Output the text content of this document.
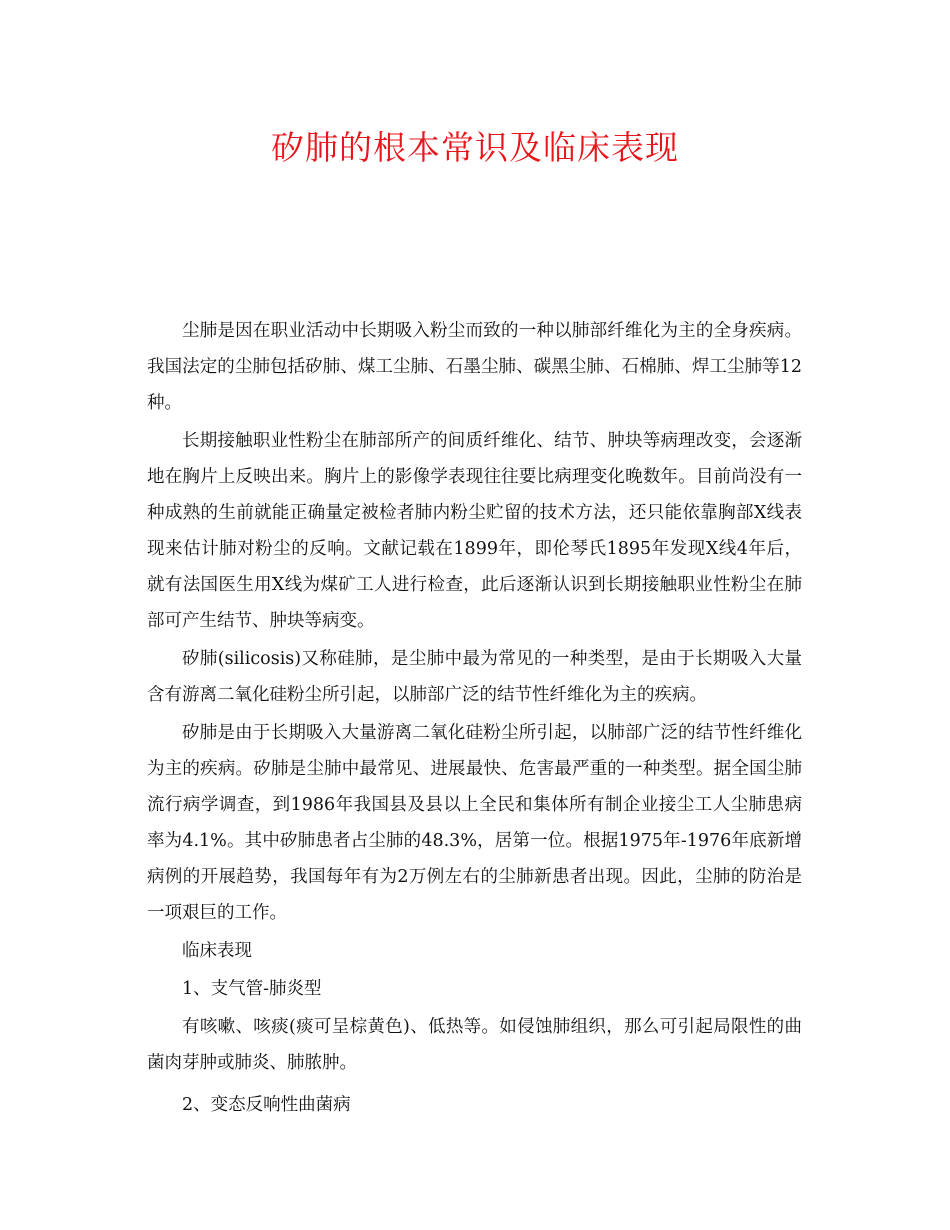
矽肺的根本常识及临床表现

尘肺是因在职业活动中长期吸入粉尘而致的一种以肺部纤维化为主的全身疾病。我国法定的尘肺包括矽肺、煤工尘肺、石墨尘肺、碳黑尘肺、石棉肺、焊工尘肺等12种。

长期接触职业性粉尘在肺部所产的间质纤维化、结节、肿块等病理改变，会逐渐地在胸片上反映出来。胸片上的影像学表现往往要比病理变化晚数年。目前尚没有一种成熟的生前就能正确量定被检者肺内粉尘贮留的技术方法，还只能依靠胸部X线表现来估计肺对粉尘的反响。文献记载在1899年，即伦琴氏1895年发现X线4年后，就有法国医生用X线为煤矿工人进行检查，此后逐渐认识到长期接触职业性粉尘在肺部可产生结节、肿块等病变。

矽肺(silicosis)又称硅肺，是尘肺中最为常见的一种类型，是由于长期吸入大量含有游离二氧化硅粉尘所引起，以肺部广泛的结节性纤维化为主的疾病。

矽肺是由于长期吸入大量游离二氧化硅粉尘所引起，以肺部广泛的结节性纤维化为主的疾病。矽肺是尘肺中最常见、进展最快、危害最严重的一种类型。据全国尘肺流行病学调查，到1986年我国县及县以上全民和集体所有制企业接尘工人尘肺患病率为4.1%。其中矽肺患者占尘肺的48.3%，居第一位。根据1975年-1976年底新增病例的开展趋势，我国每年有为2万例左右的尘肺新患者出现。因此，尘肺的防治是一项艰巨的工作。

临床表现

1、支气管-肺炎型

有咳嗽、咳痰(痰可呈棕黄色)、低热等。如侵蚀肺组织，那么可引起局限性的曲菌肉芽肿或肺炎、肺脓肿。

2、变态反响性曲菌病
